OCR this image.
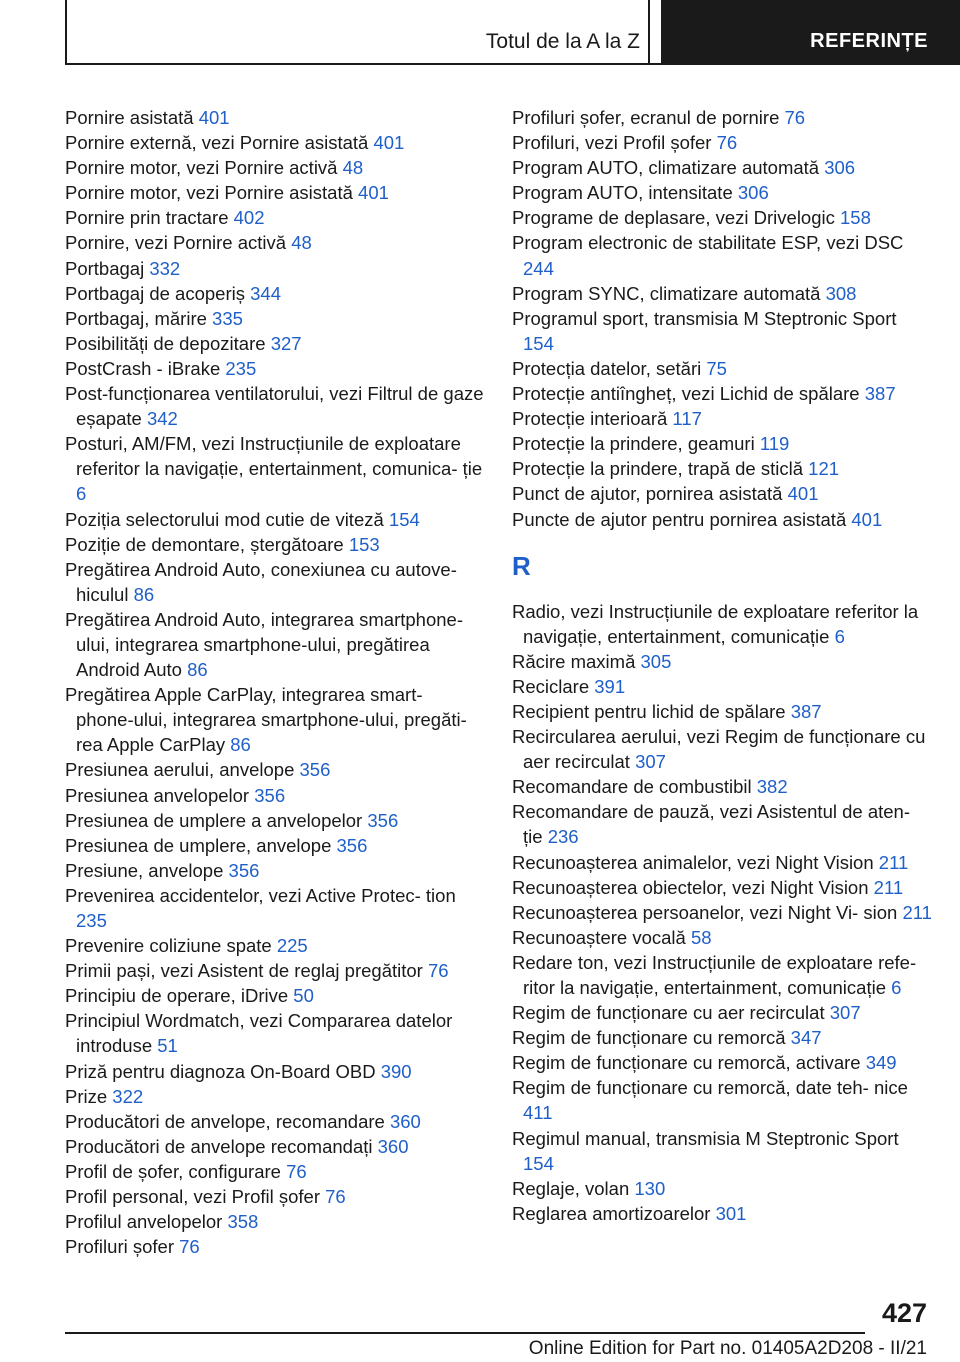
Totul de la A la Z	REFERINȚE
Pornire asistată 401
Pornire externă, vezi Pornire asistată 401
Pornire motor, vezi Pornire activă 48
Pornire motor, vezi Pornire asistată 401
Pornire prin tractare 402
Pornire, vezi Pornire activă 48
Portbagaj 332
Portbagaj de acoperiș 344
Portbagaj, mărire 335
Posibilități de depozitare 327
PostCrash - iBrake 235
Post-funcționarea ventilatorului, vezi Filtrul de gaze eșapate 342
Posturi, AM/FM, vezi Instrucțiunile de exploatare referitor la navigație, entertainment, comunica‐ ție 6
Poziția selectorului mod cutie de viteză 154
Poziție de demontare, ștergătoare 153
Pregătirea Android Auto, conexiunea cu autove‐ hiculul 86
Pregătirea Android Auto, integrarea smartphone- ului, integrarea smartphone-ului, pregătirea Android Auto 86
Pregătirea Apple CarPlay, integrarea smart‐ phone-ului, integrarea smartphone-ului, pregăti‐ rea Apple CarPlay 86
Presiunea aerului, anvelope 356
Presiunea anvelopelor 356
Presiunea de umplere a anvelopelor 356
Presiunea de umplere, anvelope 356
Presiune, anvelope 356
Prevenirea accidentelor, vezi Active Protec‐ tion 235
Prevenire coliziune spate 225
Primii pași, vezi Asistent de reglaj pregătitor 76
Principiu de operare, iDrive 50
Principiul Wordmatch, vezi Compararea datelor introduse 51
Priză pentru diagnoza On-Board OBD 390
Prize 322
Producători de anvelope, recomandare 360
Producători de anvelope recomandați 360
Profil de șofer, configurare 76
Profil personal, vezi Profil șofer 76
Profilul anvelopelor 358
Profiluri șofer 76
Profiluri șofer, ecranul de pornire 76
Profiluri, vezi Profil șofer 76
Program AUTO, climatizare automată 306
Program AUTO, intensitate 306
Programe de deplasare, vezi Drivelogic 158
Program electronic de stabilitate ESP, vezi DSC 244
Program SYNC, climatizare automată 308
Programul sport, transmisia M Steptronic Sport 154
Protecția datelor, setări 75
Protecție antiîngheț, vezi Lichid de spălare 387
Protecție interioară 117
Protecție la prindere, geamuri 119
Protecție la prindere, trapă de sticlă 121
Punct de ajutor, pornirea asistată 401
Puncte de ajutor pentru pornirea asistată 401
R
Radio, vezi Instrucțiunile de exploatare referitor la navigație, entertainment, comunicație 6
Răcire maximă 305
Reciclare 391
Recipient pentru lichid de spălare 387
Recircularea aerului, vezi Regim de funcționare cu aer recirculat 307
Recomandare de combustibil 382
Recomandare de pauză, vezi Asistentul de aten‐ ție 236
Recunoașterea animalelor, vezi Night Vision 211
Recunoașterea obiectelor, vezi Night Vision 211
Recunoașterea persoanelor, vezi Night Vi‐ sion 211
Recunoaștere vocală 58
Redare ton, vezi Instrucțiunile de exploatare refe‐ ritor la navigație, entertainment, comunicație 6
Regim de funcționare cu aer recirculat 307
Regim de funcționare cu remorcă 347
Regim de funcționare cu remorcă, activare 349
Regim de funcționare cu remorcă, date teh‐ nice 411
Regimul manual, transmisia M Steptronic Sport 154
Reglaje, volan 130
Reglarea amortizoarelor 301
427
Online Edition for Part no. 01405A2D208 - II/21
